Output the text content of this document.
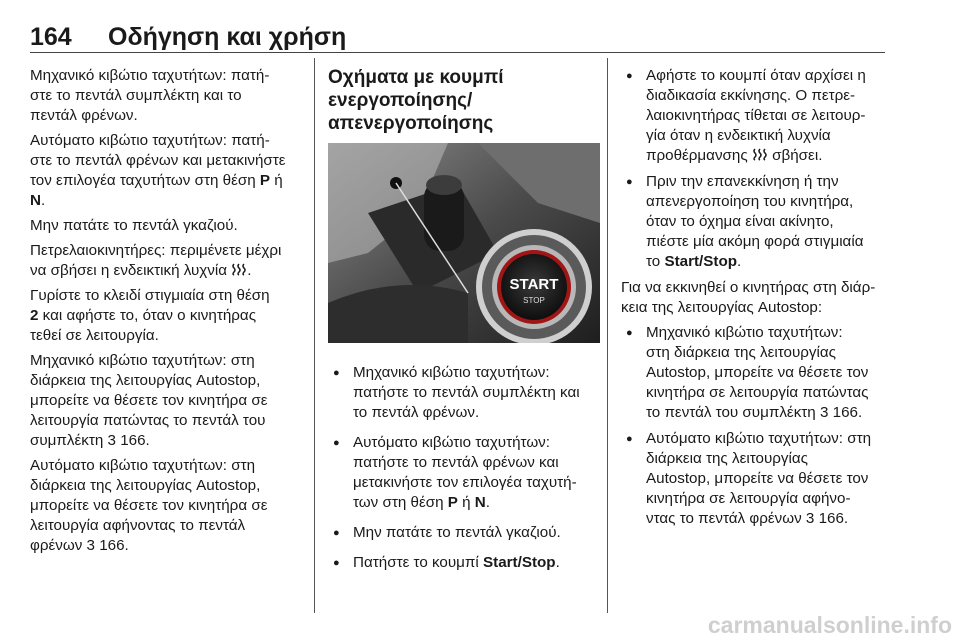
164	Οδήγηση και χρήση

Μηχανικό κιβώτιο ταχυτήτων: πατή-
στε το πεντάλ συμπλέκτη και το
πεντάλ φρένων.

Αυτόματο κιβώτιο ταχυτήτων: πατή-
στε το πεντάλ φρένων και μετακινήστε
τον επιλογέα ταχυτήτων στη θέση P ή
N.

Μην πατάτε το πεντάλ γκαζιού.

Πετρελαιοκινητήρες: περιμένετε μέχρι
να σβήσει η ενδεικτική λυχνία .

Γυρίστε το κλειδί στιγμιαία στη θέση
2 και αφήστε το, όταν ο κινητήρας
τεθεί σε λειτουργία.

Μηχανικό κιβώτιο ταχυτήτων: στη
διάρκεια της λειτουργίας Autostop,
μπορείτε να θέσετε τον κινητήρα σε
λειτουργία πατώντας το πεντάλ του
συμπλέκτη 3 166.

Αυτόματο κιβώτιο ταχυτήτων: στη
διάρκεια της λειτουργίας Autostop,
μπορείτε να θέσετε τον κινητήρα σε
λειτουργία αφήνοντας το πεντάλ
φρένων 3 166.

Οχήματα με κουμπί
ενεργοποίησης/
απενεργοποίησης
START
STOP
● Μηχανικό κιβώτιο ταχυτήτων:
πατήστε το πεντάλ συμπλέκτη και
το πεντάλ φρένων.
● Αυτόματο κιβώτιο ταχυτήτων:
πατήστε το πεντάλ φρένων και
μετακινήστε τον επιλογέα ταχυτή-
των στη θέση P ή N.
● Μην πατάτε το πεντάλ γκαζιού.
● Πατήστε το κουμπί Start/Stop.
● Αφήστε το κουμπί όταν αρχίσει η
διαδικασία εκκίνησης. Ο πετρε-
λαιοκινητήρας τίθεται σε λειτουρ-
γία όταν η ενδεικτική λυχνία
προθέρμανσης  σβήσει.
● Πριν την επανεκκίνηση ή την
απενεργοποίηση του κινητήρα,
όταν το όχημα είναι ακίνητο,
πιέστε μία ακόμη φορά στιγμιαία
το Start/Stop.

Για να εκκινηθεί ο κινητήρας στη διάρ-
κεια της λειτουργίας Autostop:

● Μηχανικό κιβώτιο ταχυτήτων:
στη διάρκεια της λειτουργίας
Autostop, μπορείτε να θέσετε τον
κινητήρα σε λειτουργία πατώντας
το πεντάλ του συμπλέκτη 3 166.
● Αυτόματο κιβώτιο ταχυτήτων: στη
διάρκεια της λειτουργίας
Autostop, μπορείτε να θέσετε τον
κινητήρα σε λειτουργία αφήνο-
ντας το πεντάλ φρένων 3 166.
carmanualsonline.info
